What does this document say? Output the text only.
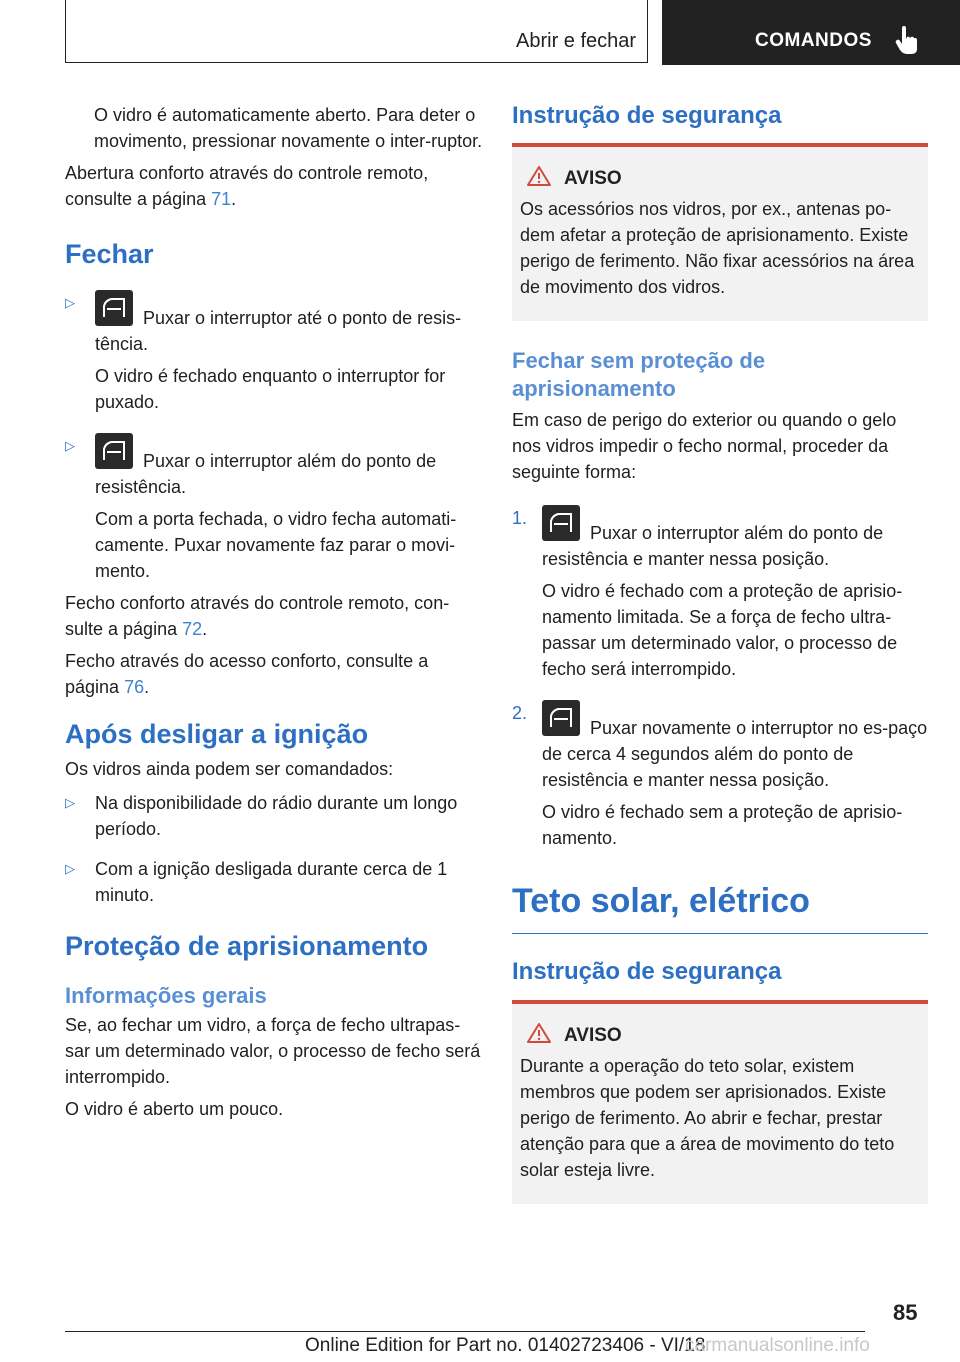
Abrir e fechar	COMANDOS

O vidro é automaticamente aberto. Para deter o movimento, pressionar novamente o inter‐ruptor.

Abertura conforto através do controle remoto, consulte a página 71.

Fechar
▷

Puxar o interruptor até o ponto de resis‐tência.

O vidro é fechado enquanto o interruptor for puxado.

▷

Puxar o interruptor além do ponto de resistência.

Com a porta fechada, o vidro fecha automati‐camente. Puxar novamente faz parar o movi‐mento.

Fecho conforto através do controle remoto, con‐sulte a página 72.

Fecho através do acesso conforto, consulte a página 76.

Após desligar a ignição

Os vidros ainda podem ser comandados:

▷ Na disponibilidade do rádio durante um longo período.

▷ Com a ignição desligada durante cerca de 1 minuto.

Proteção de aprisionamento
Informações gerais

Se, ao fechar um vidro, a força de fecho ultrapas‐sar um determinado valor, o processo de fecho será interrompido.

O vidro é aberto um pouco.

Instrução de segurança

AVISO

Os acessórios nos vidros, por ex., antenas po‐dem afetar a proteção de aprisionamento. Existe perigo de ferimento. Não fixar acessórios na área de movimento dos vidros.

Fechar sem proteção de aprisionamento

Em caso de perigo do exterior ou quando o gelo nos vidros impedir o fecho normal, proceder da seguinte forma:

1.

Puxar o interruptor além do ponto de resistência e manter nessa posição.

O vidro é fechado com a proteção de aprisio‐namento limitada. Se a força de fecho ultra‐passar um determinado valor, o processo de fecho será interrompido.

2.

Puxar novamente o interruptor no es‐paço de cerca 4 segundos além do ponto de resistência e manter nessa posição.

O vidro é fechado sem a proteção de aprisio‐namento.

Teto solar, elétrico
Instrução de segurança

AVISO

Durante a operação do teto solar, existem membros que podem ser aprisionados. Existe perigo de ferimento. Ao abrir e fechar, prestar atenção para que a área de movimento do teto solar esteja livre.

85
Online Edition for Part no. 01402723406 - VI/18
carmanualsonline.info
